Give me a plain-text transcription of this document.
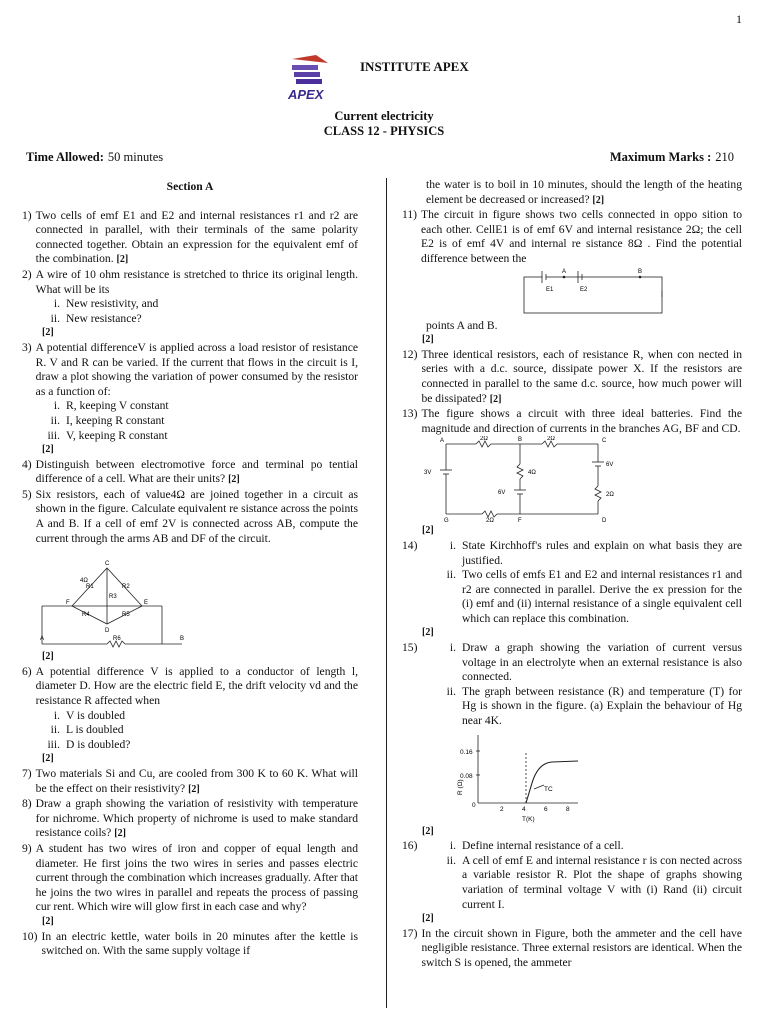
1
APEX
INSTITUTE APEX
Current electricity
CLASS 12 - PHYSICS
Time Allowed: 50 minutes	Maximum Marks : 210
Section A
1) Two cells of emf E1 and E2 and internal resistances r1 and r2 are connected in parallel, with their terminals of the same polarity connected together. Obtain an expression for the equivalent emf of the combination. [2]
2) A wire of 10 ohm resistance is stretched to thrice its original length. What will be its
i. New resistivity, and
ii. New resistance?
[2]
3) A potential differenceV is applied across a load resistor of resistance R. V and R can be varied. If the current that flows in the circuit is I, draw a plot showing the variation of power consumed by the resistor as a function of:
i. R, keeping V constant
ii. I, keeping R constant
iii. V, keeping R constant
[2]
4) Distinguish between electromotive force and terminal po tential difference of a cell. What are their units? [2]
5) Six resistors, each of value4Ω are joined together in a circuit as shown in the figure. Calculate equivalent re sistance across the points A and B. If a cell of emf 2V is connected across AB, compute the current through the arms AB and DF of the circuit.
A	B
C
D
E
F
4Ω
R1	R2
R3
R4	R5
R6
[2]
6) A potential difference V is applied to a conductor of length l, diameter D. How are the electric field E, the drift velocity vd and the resistance R affected when
i. V is doubled
ii. L is doubled
iii. D is doubled?
[2]
7) Two materials Si and Cu, are cooled from 300 K to 60 K. What will be the effect on their resistivity? [2]
8) Draw a graph showing the variation of resistivity with temperature for nichrome. Which property of nichrome is used to make standard resistance coils? [2]
9) A student has two wires of iron and copper of equal length and diameter. He first joins the two wires in series and passes electric current through the combination which increases gradually. After that he joins the two wires in parallel and repeats the process of passing cur rent. Which wire will glow first in each case and why?
[2]
10) In an electric kettle, water boils in 20 minutes after the kettle is switched on. With the same supply voltage if
the water is to boil in 10 minutes, should the length of the heating element be decreased or increased? [2]
11) The circuit in figure shows two cells connected in oppo sition to each other. CellE1 is of emf 6V and internal resistance 2Ω; the cell E2 is of emf 4V and internal re sistance 8Ω . Find the potential difference between the
A	B
E1	E2
points A and B.
[2]
12) Three identical resistors, each of resistance R, when con nected in series with a d.c. source, dissipate power X. If the resistors are connected in parallel to the same d.c. source, how much power will be dissipated? [2]
13) The figure shows a circuit with three ideal batteries. Find the magnitude and direction of currents in the branches AG, BF and CD.
A	B	C
D
F
G
2Ω	2Ω
4Ω
2Ω
2Ω
3V
6V
6V
[2]
14)	i. State Kirchhoff's rules and explain on what basis they are justified.
ii. Two cells of emfs E1 and E2 and internal resistances r1 and r2 are connected in parallel. Derive the ex pression for the (i) emf and (ii) internal resistance of a single equivalent cell which can replace this combination.
[2]
15)	i. Draw a graph showing the variation of current versus voltage in an electrolyte when an external resistance is also connected.
ii. The graph between resistance (R) and temperature (T) for Hg is shown in the figure. (a) Explain the behaviour of Hg near 4K.
0.16
0.08
0
2	4	6	8
R (Ω)
T(K)
TC
[2]
16)	i. Define internal resistance of a cell.
ii. A cell of emf E and internal resistance r is con nected across a variable resistor R. Plot the shape of graphs showing variation of terminal voltage V with (i) Rand (ii) circuit current I.
[2]
17) In the circuit shown in Figure, both the ammeter and the cell have negligible resistance. Three external resistors are identical. When the switch S is opened, the ammeter
